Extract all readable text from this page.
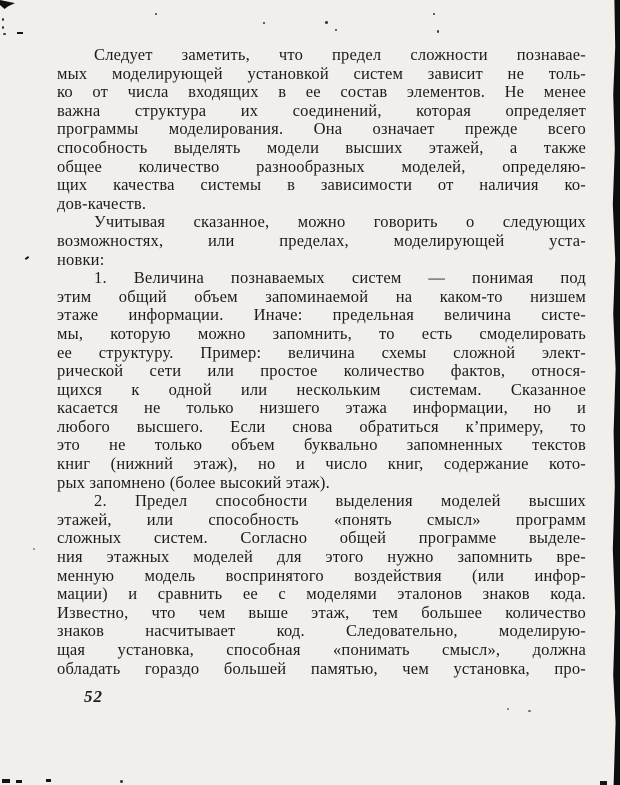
Следует заметить, что предел сложности познавае-
мых моделирующей установкой систем зависит не толь-
ко от числа входящих в ее состав элементов. Не менее
важна структура их соединений, которая определяет
программы моделирования. Она означает прежде всего
способность выделять модели высших этажей, а также
общее количество разнообразных моделей, определяю-
щих качества системы в зависимости от наличия ко-
дов-качеств.
Учитывая сказанное, можно говорить о следующих
возможностях, или пределах, моделирующей уста-
новки:
1. Величина познаваемых систем — понимая под
этим общий объем запоминаемой на каком-то низшем
этаже информации. Иначе: предельная величина систе-
мы, которую можно запомнить, то есть смоделировать
ее структуру. Пример: величина схемы сложной элект-
рической сети или простое количество фактов, относя-
щихся к одной или нескольким системам. Сказанное
касается не только низшего этажа информации, но и
любого высшего. Если снова обратиться к’примеру, то
это не только объем буквально запомненных текстов
книг (нижний этаж), но и число книг, содержание кото-
рых запомнено (более высокий этаж).
2. Предел способности выделения моделей высших
этажей, или способность «понять смысл» программ
сложных систем. Согласно общей программе выделе-
ния этажных моделей для этого нужно запомнить вре-
менную модель воспринятого воздействия (или инфор-
мации) и сравнить ее с моделями эталонов знаков кода.
Известно, что чем выше этаж, тем большее количество
знаков насчитывает код. Следовательно, моделирую-
щая установка, способная «понимать смысл», должна
обладать гораздо большей памятью, чем установка, про-
52
